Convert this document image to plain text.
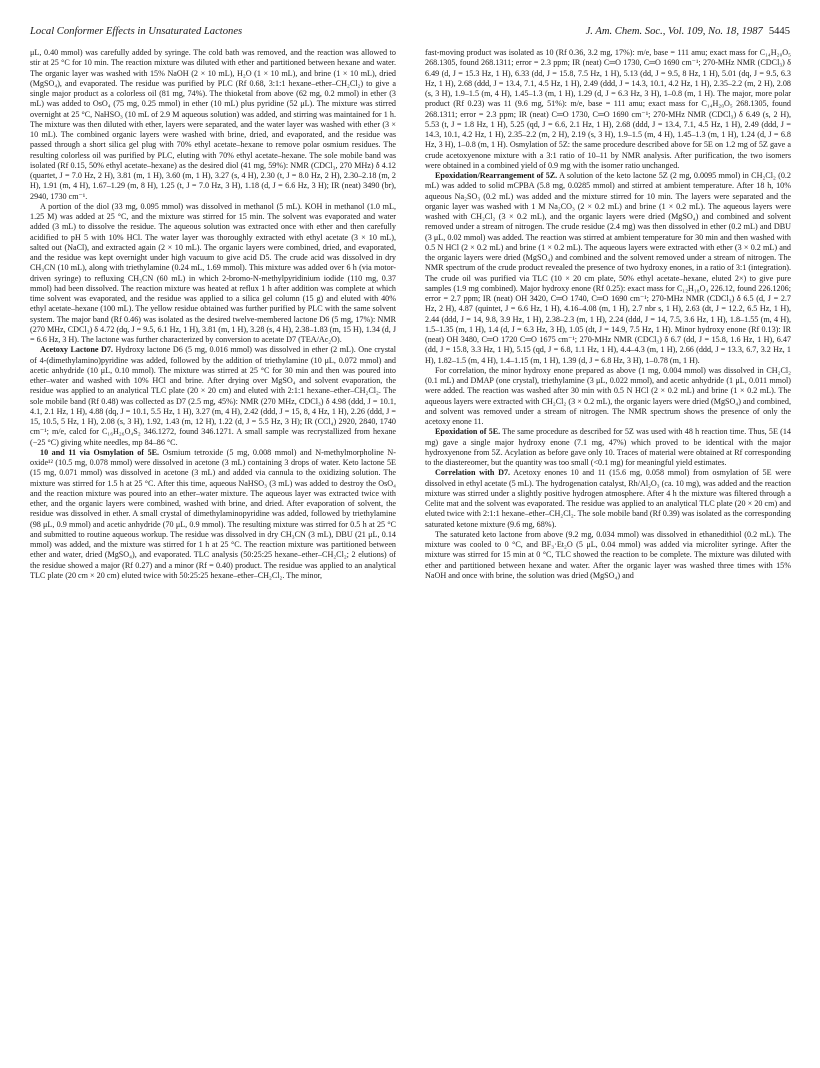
Local Conformer Effects in Unsaturated Lactones	J. Am. Chem. Soc., Vol. 109, No. 18, 1987 5445

μL, 0.40 mmol) was carefully added by syringe. The cold bath was removed, and the reaction was allowed to stir at 25 °C for 10 min. The reaction mixture was diluted with ether and partitioned between hexane and water. The organic layer was washed with 15% NaOH (2 × 10 mL), H₂O (1 × 10 mL), and brine (1 × 10 mL), dried (MgSO₄), and evaporated. The residue was purified by PLC (Rf 0.68, 3:1:1 hexane–ether–CH₂Cl₂) to give a single major product as a colorless oil (81 mg, 74%). The thioketal from above (62 mg, 0.2 mmol) in ether (3 mL) was added to OsO₄ (75 mg, 0.25 mmol) in ether (10 mL) plus pyridine (52 μL). The mixture was stirred overnight at 25 °C, NaHSO₃ (10 mL of 2.9 M aqueous solution) was added, and stirring was maintained for 1 h. The mixture was then diluted with ether, layers were separated, and the water layer was washed with ether (3 × 10 mL). The combined organic layers were washed with brine, dried, and evaporated, and the residue was passed through a short silica gel plug with 70% ethyl acetate–hexane to remove polar osmium residues. The resulting colorless oil was purified by PLC, eluting with 70% ethyl acetate–hexane. The sole mobile band was isolated (Rf 0.15, 50% ethyl acetate–hexane) as the desired diol (41 mg, 59%): NMR (CDCl₃, 270 MHz) δ 4.12 (quartet, J = 7.0 Hz, 2 H), 3.81 (m, 1 H), 3.60 (m, 1 H), 3.27 (s, 4 H), 2.30 (t, J = 8.0 Hz, 2 H), 2.30–2.18 (m, 2 H), 1.91 (m, 4 H), 1.67–1.29 (m, 8 H), 1.25 (t, J = 7.0 Hz, 3 H), 1.18 (d, J = 6.6 Hz, 3 H); IR (neat) 3490 (br), 2940, 1730 cm⁻¹.

A portion of the diol (33 mg, 0.095 mmol) was dissolved in methanol (5 mL). KOH in methanol (1.0 mL, 1.25 M) was added at 25 °C, and the mixture was stirred for 15 min. The solvent was evaporated and water added (3 mL) to dissolve the residue. The aqueous solution was extracted once with ether and then carefully acidified to pH 5 with 10% HCl. The water layer was thoroughly extracted with ethyl acetate (3 × 10 mL), salted out (NaCl), and extracted again (2 × 10 mL). The organic layers were combined, dried, and evaporated, and the residue was kept overnight under high vacuum to give acid D5. The crude acid was dissolved in dry CH₃CN (10 mL), along with triethylamine (0.24 mL, 1.69 mmol). This mixture was added over 6 h (via motor-driven syringe) to refluxing CH₃CN (60 mL) in which 2-bromo-N-methylpyridinium iodide (110 mg, 0.37 mmol) had been dissolved. The reaction mixture was heated at reflux 1 h after addition was complete at which time solvent was evaporated, and the residue was applied to a silica gel column (15 g) and eluted with 40% ethyl acetate–hexane (100 mL). The yellow residue obtained was further purified by PLC with the same solvent system. The major band (Rf 0.46) was isolated as the desired twelve-membered lactone D6 (5 mg, 17%): NMR (270 MHz, CDCl₃) δ 4.72 (dq, J = 9.5, 6.1 Hz, 1 H), 3.81 (m, 1 H), 3.28 (s, 4 H), 2.38–1.83 (m, 15 H), 1.34 (d, J = 6.6 Hz, 3 H). The lactone was further characterized by conversion to acetate D7 (TEA/Ac₂O).

Acetoxy Lactone D7. Hydroxy lactone D6 (5 mg, 0.016 mmol) was dissolved in ether (2 mL). One crystal of 4-(dimethylamino)pyridine was added, followed by the addition of triethylamine (10 μL, 0.072 mmol) and acetic anhydride (10 μL, 0.10 mmol). The mixture was stirred at 25 °C for 30 min and then was poured into ether–water and washed with 10% HCl and brine. After drying over MgSO₄ and solvent evaporation, the residue was applied to an analytical TLC plate (20 × 20 cm) and eluted with 2:1:1 hexane–ether–CH₂Cl₂. The sole mobile band (Rf 0.48) was collected as D7 (2.5 mg, 45%): NMR (270 MHz, CDCl₃) δ 4.98 (ddd, J = 10.1, 4.1, 2.1 Hz, 1 H), 4.88 (dq, J = 10.1, 5.5 Hz, 1 H), 3.27 (m, 4 H), 2.42 (ddd, J = 15, 8, 4 Hz, 1 H), 2.26 (ddd, J = 15, 10.5, 5 Hz, 1 H), 2.08 (s, 3 H), 1.92, 1.43 (m, 12 H), 1.22 (d, J = 5.5 Hz, 3 H); IR (CCl₄) 2920, 2840, 1740 cm⁻¹; m/e, calcd for C₁₆H₂₆O₄S₂ 346.1272, found 346.1271. A small sample was recrystallized from hexane (−25 °C) giving white needles, mp 84–86 °C.

10 and 11 via Osmylation of 5E. Osmium tetroxide (5 mg, 0.008 mmol) and N-methylmorpholine N-oxide¹² (10.5 mg, 0.078 mmol) were dissolved in acetone (3 mL) containing 3 drops of water. Keto lactone 5E (15 mg, 0.071 mmol) was dissolved in acetone (3 mL) and added via cannula to the oxidizing solution. The mixture was stirred for 1.5 h at 25 °C. After this time, aqueous NaHSO₃ (3 mL) was added to destroy the OsO₄ and the reaction mixture was poured into an ether–water mixture. The aqueous layer was extracted twice with ether, and the organic layers were combined, washed with brine, and dried. After evaporation of solvent, the residue was dissolved in ether. A small crystal of dimethylaminopyridine was added, followed by triethylamine (98 μL, 0.9 mmol) and acetic anhydride (70 μL, 0.9 mmol). The resulting mixture was stirred for 0.5 h at 25 °C and submitted to routine aqueous workup. The residue was dissolved in dry CH₃CN (3 mL), DBU (21 μL, 0.14 mmol) was added, and the mixture was stirred for 1 h at 25 °C. The reaction mixture was partitioned between ether and water, dried (MgSO₄), and evaporated. TLC analysis (50:25:25 hexane–ether–CH₂Cl₂; 2 elutions) of the residue showed a major (Rf 0.27) and a minor (Rf = 0.40) product. The residue was applied to an analytical TLC plate (20 cm × 20 cm) eluted twice with 50:25:25 hexane–ether–CH₂Cl₂. The minor,

fast-moving product was isolated as 10 (Rf 0.36, 3.2 mg, 17%): m/e, base = 111 amu; exact mass for C₁₄H₂₀O₅ 268.1305, found 268.1311; error = 2.3 ppm; IR (neat) C═O 1730, C═O 1690 cm⁻¹; 270-MHz NMR (CDCl₃) δ 6.49 (d, J = 15.3 Hz, 1 H), 6.33 (dd, J = 15.8, 7.5 Hz, 1 H), 5.13 (dd, J = 9.5, 8 Hz, 1 H), 5.01 (dq, J = 9.5, 6.3 Hz, 1 H), 2.68 (ddd, J = 13.4, 7.1, 4.5 Hz, 1 H), 2.49 (ddd, J = 14.3, 10.1, 4.2 Hz, 1 H), 2.35–2.2 (m, 2 H), 2.08 (s, 3 H), 1.9–1.5 (m, 4 H), 1.45–1.3 (m, 1 H), 1.29 (d, J = 6.3 Hz, 3 H), 1–0.8 (m, 1 H). The major, more polar product (Rf 0.23) was 11 (9.6 mg, 51%): m/e, base = 111 amu; exact mass for C₁₄H₂₀O₅ 268.1305, found 268.1311; error = 2.3 ppm; IR (neat) C═O 1730, C═O 1690 cm⁻¹; 270-MHz NMR (CDCl₃) δ 6.49 (s, 2 H), 5.53 (t, J = 1.8 Hz, 1 H), 5.25 (qd, J = 6.6, 2.1 Hz, 1 H), 2.68 (ddd, J = 13.4, 7.1, 4.5 Hz, 1 H), 2.49 (ddd, J = 14.3, 10.1, 4.2 Hz, 1 H), 2.35–2.2 (m, 2 H), 2.19 (s, 3 H), 1.9–1.5 (m, 4 H), 1.45–1.3 (m, 1 H), 1.24 (d, J = 6.8 Hz, 3 H), 1–0.8 (m, 1 H). Osmylation of 5Z: the same procedure described above for 5E on 1.2 mg of 5Z gave a crude acetoxyenone mixture with a 3:1 ratio of 10–11 by NMR analysis. After purification, the two isomers were obtained in a combined yield of 0.9 mg with the isomer ratio unchanged.

Epoxidation/Rearrangement of 5Z. A solution of the keto lactone 5Z (2 mg, 0.0095 mmol) in CH₂Cl₂ (0.2 mL) was added to solid mCPBA (5.8 mg, 0.0285 mmol) and stirred at ambient temperature. After 18 h, 10% aqueous Na₂SO₃ (0.2 mL) was added and the mixture stirred for 10 min. The layers were separated and the organic layer was washed with 1 M Na₂CO₃ (2 × 0.2 mL) and brine (1 × 0.2 mL). The aqueous layers were washed with CH₂Cl₂ (3 × 0.2 mL), and the organic layers were dried (MgSO₄) and combined and solvent removed under a stream of nitrogen. The crude residue (2.4 mg) was then dissolved in ether (0.2 mL) and DBU (3 μL, 0.02 mmol) was added. The reaction was stirred at ambient temperature for 30 min and then washed with 0.5 N HCl (2 × 0.2 mL) and brine (1 × 0.2 mL). The aqueous layers were extracted with ether (3 × 0.2 mL) and the organic layers were dried (MgSO₄) and combined and the solvent removed under a stream of nitrogen. The NMR spectrum of the crude product revealed the presence of two hydroxy enones, in a ratio of 3:1 (integration). The crude oil was purified via TLC (10 × 20 cm plate, 50% ethyl acetate–hexane, eluted 2×) to give pure samples (1.9 mg combined). Major hydroxy enone (Rf 0.25): exact mass for C₁₂H₁₈O₄ 226.12, found 226.1206; error = 2.7 ppm; IR (neat) OH 3420, C═O 1740, C═O 1690 cm⁻¹; 270-MHz NMR (CDCl₃) δ 6.5 (d, J = 2.7 Hz, 2 H), 4.87 (quintet, J = 6.6 Hz, 1 H), 4.16–4.08 (m, 1 H), 2.7 nbr s, 1 H), 2.63 (dt, J = 12.2, 6.5 Hz, 1 H), 2.44 (ddd, J = 14, 9.8, 3.9 Hz, 1 H), 2.38–2.3 (m, 1 H), 2.24 (ddd, J = 14, 7.5, 3.6 Hz, 1 H), 1.8–1.55 (m, 4 H), 1.5–1.35 (m, 1 H), 1.4 (d, J = 6.3 Hz, 3 H), 1.05 (dt, J = 14.9, 7.5 Hz, 1 H). Minor hydroxy enone (Rf 0.13): IR (neat) OH 3480, C═O 1720 C═O 1675 cm⁻¹; 270-MHz NMR (CDCl₃) δ 6.7 (dd, J = 15.8, 1.6 Hz, 1 H), 6.47 (dd, J = 15.8, 3.3 Hz, 1 H), 5.15 (qd, J = 6.8, 1.1 Hz, 1 H), 4.4–4.3 (m, 1 H), 2.66 (ddd, J = 13.3, 6.7, 3.2 Hz, 1 H), 1.82–1.5 (m, 4 H), 1.4–1.15 (m, 1 H), 1.39 (d, J = 6.8 Hz, 3 H), 1–0.78 (m, 1 H).

For correlation, the minor hydroxy enone prepared as above (1 mg, 0.004 mmol) was dissolved in CH₂Cl₂ (0.1 mL) and DMAP (one crystal), triethylamine (3 μL, 0.022 mmol), and acetic anhydride (1 μL, 0.011 mmol) were added. The reaction was washed after 30 min with 0.5 N HCl (2 × 0.2 mL) and brine (1 × 0.2 mL). The aqueous layers were extracted with CH₂Cl₂ (3 × 0.2 mL), the organic layers were dried (MgSO₄) and combined, and solvent was removed under a stream of nitrogen. The NMR spectrum shows the presence of only the acetoxy enone 11.

Epoxidation of 5E. The same procedure as described for 5Z was used with 48 h reaction time. Thus, 5E (14 mg) gave a single major hydroxy enone (7.1 mg, 47%) which proved to be identical with the major hydroxyenone from 5Z. Acylation as before gave only 10. Traces of material were obtained at Rf corresponding to the diastereomer, but the quantity was too small (<0.1 mg) for meaningful yield estimates.

Correlation with D7. Acetoxy enones 10 and 11 (15.6 mg, 0.058 mmol) from osmylation of 5E were dissolved in ethyl acetate (5 mL). The hydrogenation catalyst, Rh/Al₂O₃ (ca. 10 mg), was added and the reaction mixture was stirred under a slightly positive hydrogen atmosphere. After 4 h the mixture was filtered through a Celite mat and the solvent was evaporated. The residue was applied to an analytical TLC plate (20 × 20 cm) and eluted twice with 2:1:1 hexane–ether–CH₂Cl₂. The sole mobile band (Rf 0.39) was isolated as the corresponding saturated ketone mixture (9.6 mg, 68%).

The saturated keto lactone from above (9.2 mg, 0.034 mmol) was dissolved in ethanedithiol (0.2 mL). The mixture was cooled to 0 °C, and BF₃·Et₂O (5 μL, 0.04 mmol) was added via microliter syringe. After the mixture was stirred for 15 min at 0 °C, TLC showed the reaction to be complete. The mixture was diluted with ether and partitioned between hexane and water. After the organic layer was washed three times with 15% NaOH and once with brine, the solution was dried (MgSO₄) and
